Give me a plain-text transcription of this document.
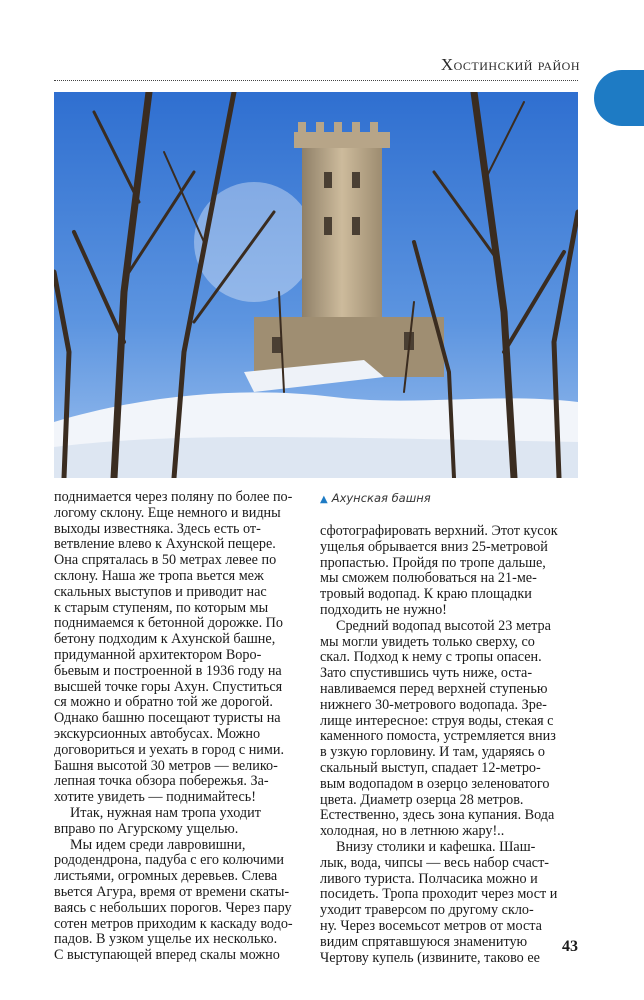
Хостинский район
поднимается через поляну по более по-
логому склону. Еще немного и видны
выходы известняка. Здесь есть от-
ветвление влево к Ахунской пещере.
Она спряталась в 50 метрах левее по
склону. Наша же тропа вьется меж
скальных выступов и приводит нас
к старым ступеням, по которым мы
поднимаемся к бетонной дорожке. По
бетону подходим к Ахунской башне,
придуманной архитектором Воро-
бьевым и построенной в 1936 году на
высшей точке горы Ахун. Спуститься
ся можно и обратно той же дорогой.
Однако башню посещают туристы на
экскурсионных автобусах. Можно
договориться и уехать в город с ними.
Башня высотой 30 метров — велико-
лепная точка обзора побережья. За-
хотите увидеть — поднимайтесь!
Итак, нужная нам тропа уходит
вправо по Агурскому ущелью.
Мы идем среди лавровишни,
рододендрона, падуба с его колючими
листьями, огромных деревьев. Слева
вьется Агура, время от времени скаты-
ваясь с небольших порогов. Через пару
сотен метров приходим к каскаду водо-
падов. В узком ущелье их несколько.
С выступающей вперед скалы можно
▲ Ахунская башня
сфотографировать верхний. Этот кусок
ущелья обрывается вниз 25-метровой
пропастью. Пройдя по тропе дальше,
мы сможем полюбоваться на 21-ме-
тровый водопад. К краю площадки
подходить не нужно!
Средний водопад высотой 23 метра
мы могли увидеть только сверху, со
скал. Подход к нему с тропы опасен.
Зато спустившись чуть ниже, оста-
навливаемся перед верхней ступенью
нижнего 30-метрового водопада. Зре-
лище интересное: струя воды, стекая с
каменного помоста, устремляется вниз
в узкую горловину. И там, ударяясь о
скальный выступ, спадает 12-метро-
вым водопадом в озерцо зеленоватого
цвета. Диаметр озерца 28 метров.
Естественно, здесь зона купания. Вода
холодная, но в летнюю жару!..
Внизу столики и кафешка. Шаш-
лык, вода, чипсы — весь набор счаст-
ливого туриста. Полчасика можно и
посидеть. Тропа проходит через мост и
уходит траверсом по другому скло-
ну. Через восемьсот метров от моста
видим спрятавшуюся знаменитую
Чертову купель (извините, таково ее
43
